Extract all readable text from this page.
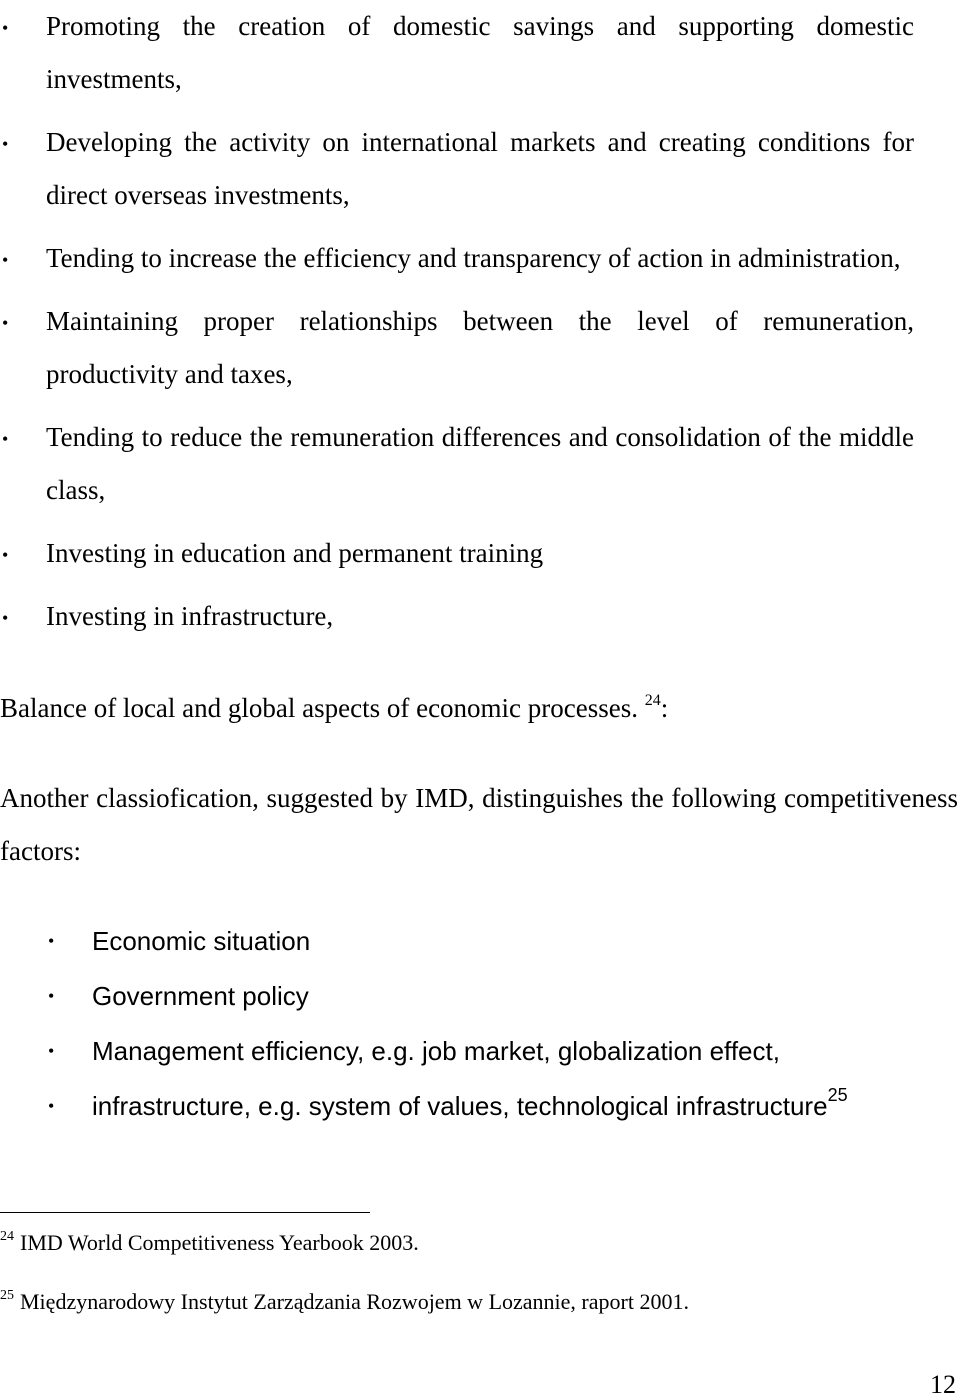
• Promoting the creation of domestic savings and supporting domestic investments,
• Developing the activity on international markets and creating conditions for direct overseas investments,
• Tending to increase the efficiency and transparency of action in administration,
• Maintaining proper relationships between the level of remuneration, productivity and taxes,
• Tending to reduce the remuneration differences and consolidation of the middle class,
• Investing in education and permanent training
• Investing in infrastructure,

Balance of local and global aspects of economic processes. $^{24}$:

Another classiofication, suggested by IMD, distinguishes the following competitiveness factors:

• Economic situation
• Government policy
• Management efficiency, e.g. job market, globalization effect,
• infrastructure, e.g. system of values, technological infrastructure$^{25}$

$^{24}$ IMD World Competitiveness Yearbook 2003.

$^{25}$ Międzynarodowy Instytut Zarządzania Rozwojem w Lozannie, raport 2001.

12
